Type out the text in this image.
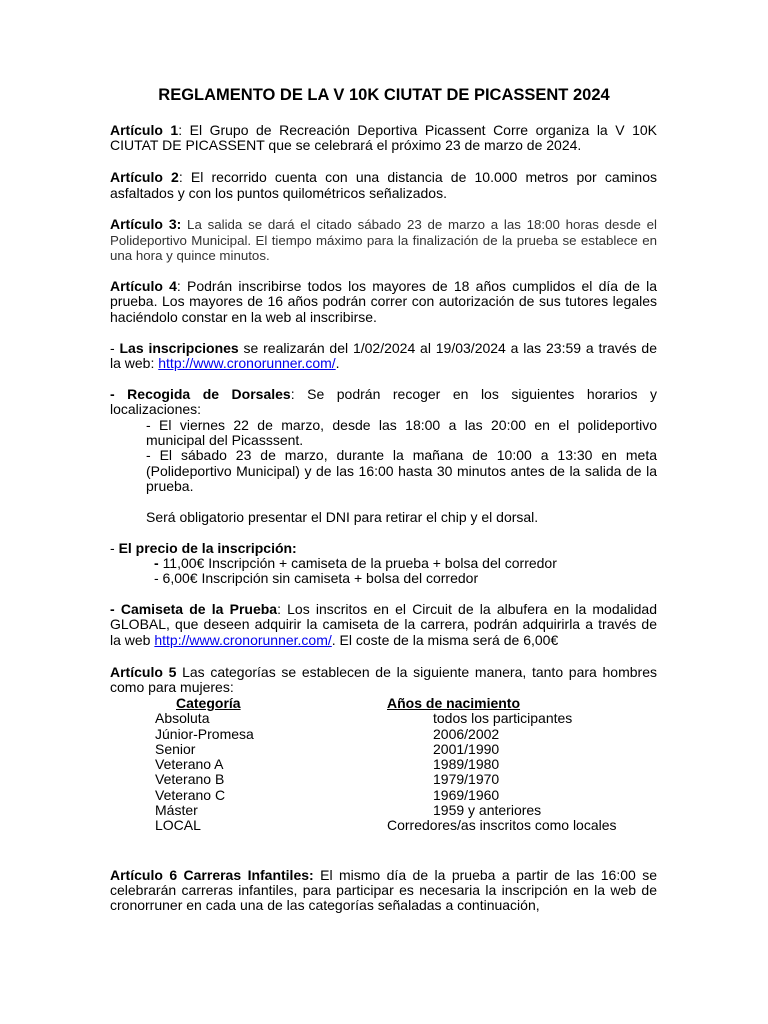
REGLAMENTO DE LA V 10K CIUTAT DE PICASSENT 2024

Artículo 1: El Grupo de Recreación Deportiva Picassent Corre organiza la V 10K

CIUTAT DE PICASSENT que se celebrará el próximo 23 de marzo de 2024.

Artículo 2: El recorrido cuenta con una distancia de 10.000 metros por caminos

asfaltados y con los puntos quilométricos señalizados.

Artículo 3: La salida se dará el citado sábado 23 de marzo a las 18:00 horas desde el

Polideportivo Municipal. El tiempo máximo para la finalización de la prueba se establece en

una hora y quince minutos.

Artículo 4: Podrán inscribirse todos los mayores de 18 años cumplidos el día de la

prueba. Los mayores de 16 años podrán correr con autorización de sus tutores legales

haciéndolo constar en la web al inscribirse.

- Las inscripciones se realizarán del 1/02/2024 al 19/03/2024 a las 23:59 a través de

la web: http://www.cronorunner.com/.

- Recogida de Dorsales: Se podrán recoger en los siguientes horarios y

localizaciones:

- El viernes 22 de marzo, desde las 18:00 a las 20:00 en el polideportivo

municipal del Picasssent.

- El sábado 23 de marzo, durante la mañana de 10:00 a 13:30 en meta

(Polideportivo Municipal) y de las 16:00 hasta 30 minutos antes de la salida de la

prueba.

Será obligatorio presentar el DNI para retirar el chip y el dorsal.

- El precio de la inscripción:

- 11,00€ Inscripción + camiseta de la prueba + bolsa del corredor

- 6,00€ Inscripción sin camiseta + bolsa del corredor

- Camiseta de la Prueba: Los inscritos en el Circuit de la albufera en la modalidad

GLOBAL, que deseen adquirir la camiseta de la carrera, podrán adquirirla a través de

la web http://www.cronorunner.com/. El coste de la misma será de 6,00€

Artículo 5 Las categorías se establecen de la siguiente manera, tanto para hombres

como para mujeres:

Categoría	Años de nacimiento
Absoluta	todos los participantes
Júnior-Promesa	2006/2002
Senior	2001/1990
Veterano A	1989/1980
Veterano B	1979/1970
Veterano C	1969/1960
Máster	1959 y anteriores
LOCAL	Corredores/as inscritos como locales

Artículo 6 Carreras Infantiles: El mismo día de la prueba a partir de las 16:00 se

celebrarán carreras infantiles, para participar es necesaria la inscripción en la web de

cronorruner en cada una de las categorías señaladas a continuación,
